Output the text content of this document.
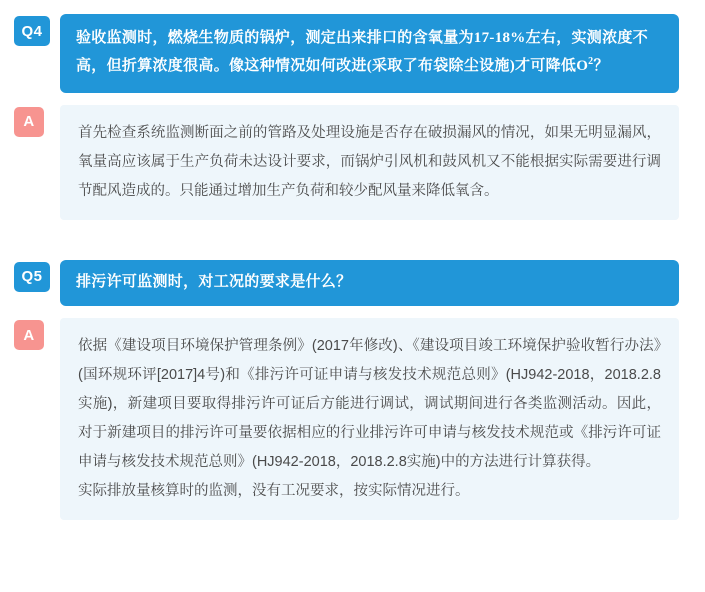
Q4	验收监测时，燃烧生物质的锅炉，测定出来排口的含氧量为17-18%左右，实测浓度不高，但折算浓度很高。像这种情况如何改进(采取了布袋除尘设施)才可降低$O^2$？
A
首先检查系统监测断面之前的管路及处理设施是否存在破损漏风的情况，如果无明显漏风，氧量高应该属于生产负荷未达设计要求，而锅炉引风机和鼓风机又不能根据实际需要进行调节配风造成的。只能通过增加生产负荷和较少配风量来降低氧含。
Q5	排污许可监测时，对工况的要求是什么？
A

依据《建设项目环境保护管理条例》(2017年修改)、《建设项目竣工环境保护验收暂行办法》(国环规环评[2017]4号)和《排污许可证申请与核发技术规范总则》(HJ942-2018，2018.2.8实施)，新建项目要取得排污许可证后方能进行调试，调试期间进行各类监测活动。因此，对于新建项目的排污许可量要依据相应的行业排污许可申请与核发技术规范或《排污许可证申请与核发技术规范总则》(HJ942-2018，2018.2.8实施)中的方法进行计算获得。

实际排放量核算时的监测，没有工况要求，按实际情况进行。
